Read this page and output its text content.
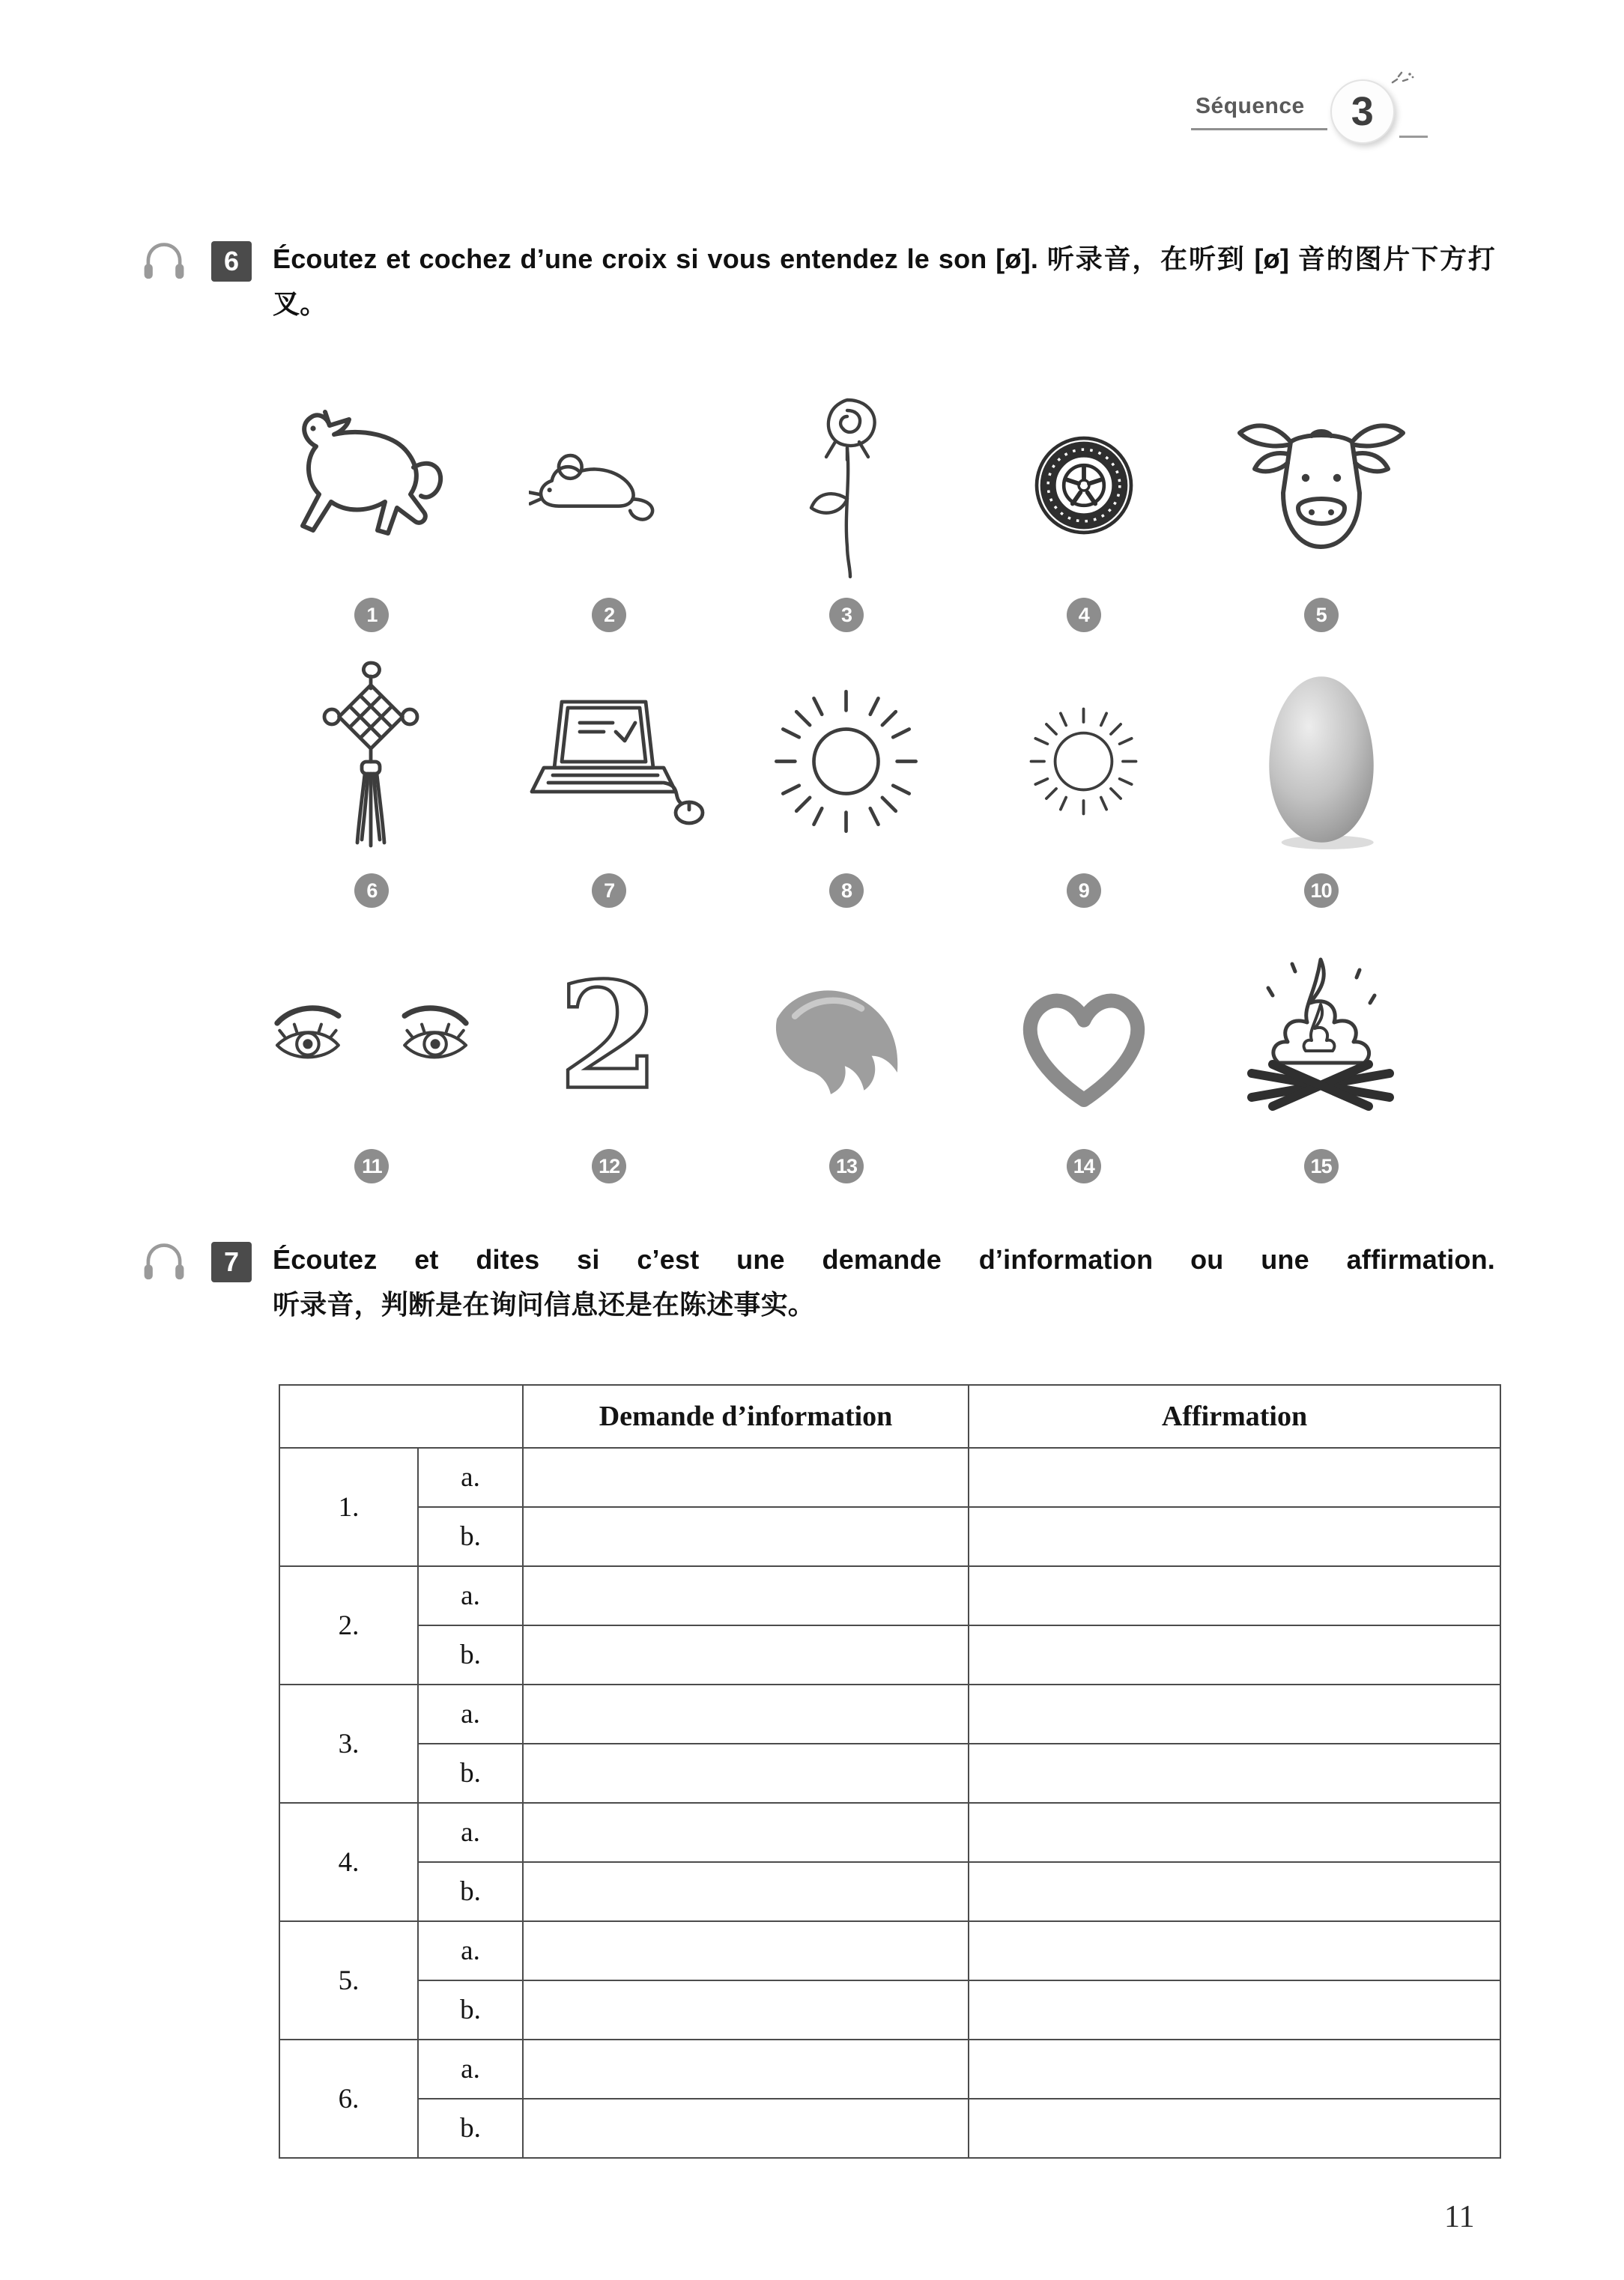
Séquence	3
6	Écoutez et cochez d’une croix si vous entendez le son [ø]. 听录音，在听到 [ø] 音的图片下方打叉。
1	2	3	4	5
6	7	8	9	10
11
2
12	13	14	15
7	Écoutez et dites si c’est une demande d’information ou une affirmation.
听录音，判断是在询问信息还是在陈述事实。
		Demande d’information	Affirmation
1.	a.		
	b.		
2.	a.		
	b.		
3.	a.		
	b.		
4.	a.		
	b.		
5.	a.		
	b.		
6.	a.		
	b.		
11
